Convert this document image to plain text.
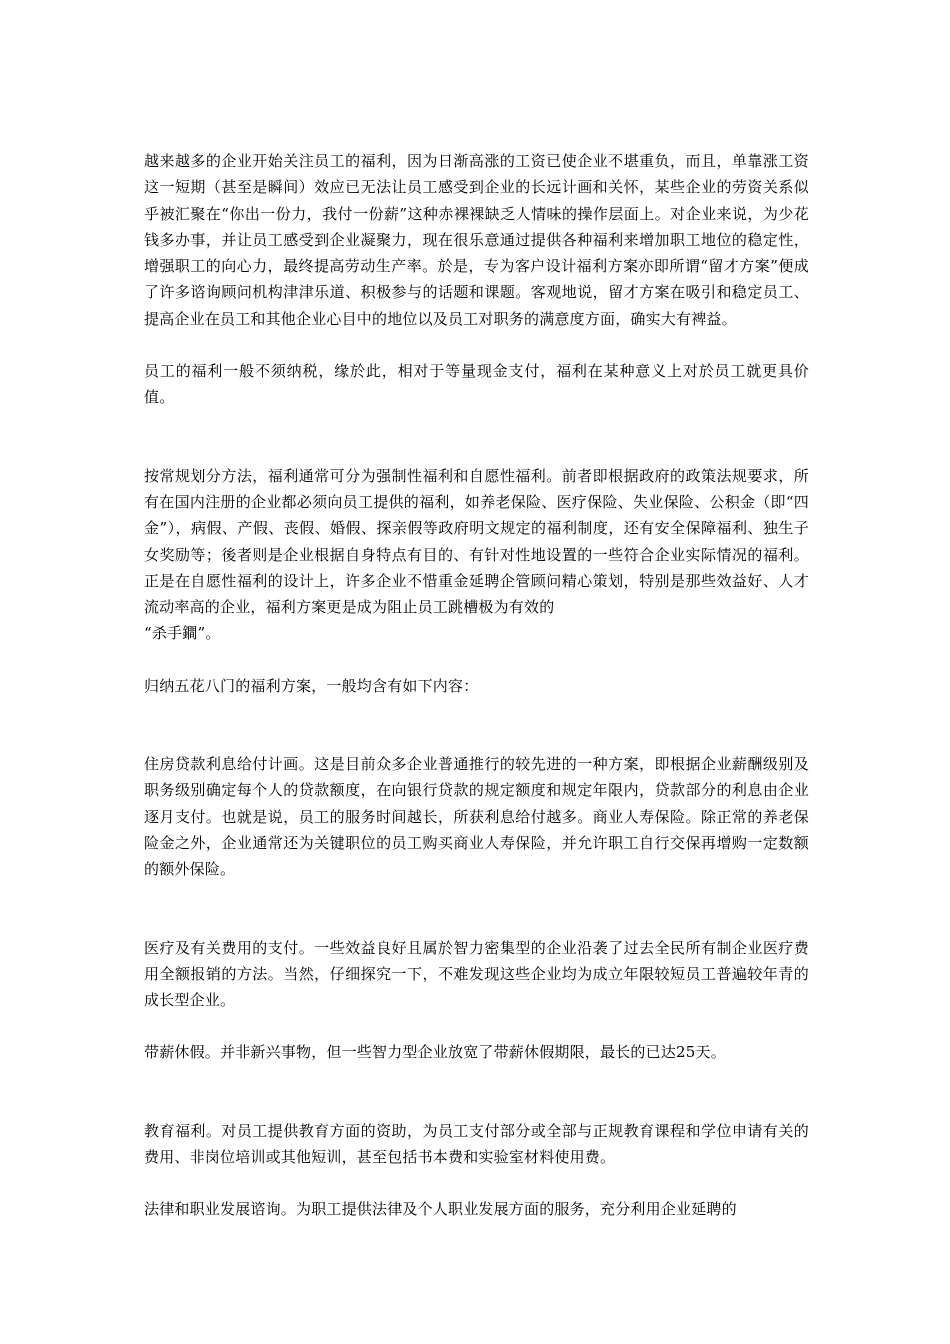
越来越多的企业开始关注员工的福利，因为日渐高涨的工资已使企业不堪重负，而且，单靠涨工资这一短期（甚至是瞬间）效应已无法让员工感受到企业的长远计画和关怀，某些企业的劳资关系似乎被汇聚在“你出一份力，我付一份薪”这种赤裸裸缺乏人情味的操作层面上。对企业来说，为少花钱多办事，并让员工感受到企业凝聚力，现在很乐意通过提供各种福利来增加职工地位的稳定性，增强职工的向心力，最终提高劳动生产率。於是，专为客户设计福利方案亦即所谓“留才方案”便成了许多谘询顾问机构津津乐道、积极参与的话题和课题。客观地说，留才方案在吸引和稳定员工、提高企业在员工和其他企业心目中的地位以及员工对职务的满意度方面，确实大有裨益。

员工的福利一般不须纳税，缘於此，相对于等量现金支付，福利在某种意义上对於员工就更具价值。

按常规划分方法，福利通常可分为强制性福利和自愿性福利。前者即根据政府的政策法规要求，所有在国内注册的企业都必须向员工提供的福利，如养老保险、医疗保险、失业保险、公积金（即“四金”），病假、产假、丧假、婚假、探亲假等政府明文规定的福利制度，还有安全保障福利、独生子女奖励等；後者则是企业根据自身特点有目的、有针对性地设置的一些符合企业实际情况的福利。正是在自愿性福利的设计上，许多企业不惜重金延聘企管顾问精心策划，特别是那些效益好、人才流动率高的企业，福利方案更是成为阻止员工跳槽极为有效的
“杀手鐧”。

归纳五花八门的福利方案，一般均含有如下内容：

住房贷款利息给付计画。这是目前众多企业普通推行的较先进的一种方案，即根据企业薪酬级别及职务级别确定每个人的贷款额度，在向银行贷款的规定额度和规定年限内，贷款部分的利息由企业逐月支付。也就是说，员工的服务时间越长，所获利息给付越多。商业人寿保险。除正常的养老保险金之外，企业通常还为关键职位的员工购买商业人寿保险，并允许职工自行交保再增购一定数额的额外保险。

医疗及有关费用的支付。一些效益良好且属於智力密集型的企业沿袭了过去全民所有制企业医疗费用全额报销的方法。当然，仔细探究一下，不难发现这些企业均为成立年限较短员工普遍较年青的成长型企业。

带薪休假。并非新兴事物，但一些智力型企业放宽了带薪休假期限，最长的已达25天。

教育福利。对员工提供教育方面的资助，为员工支付部分或全部与正规教育课程和学位申请有关的费用、非岗位培训或其他短训，甚至包括书本费和实验室材料使用费。

法律和职业发展谘询。为职工提供法律及个人职业发展方面的服务，充分利用企业延聘的
